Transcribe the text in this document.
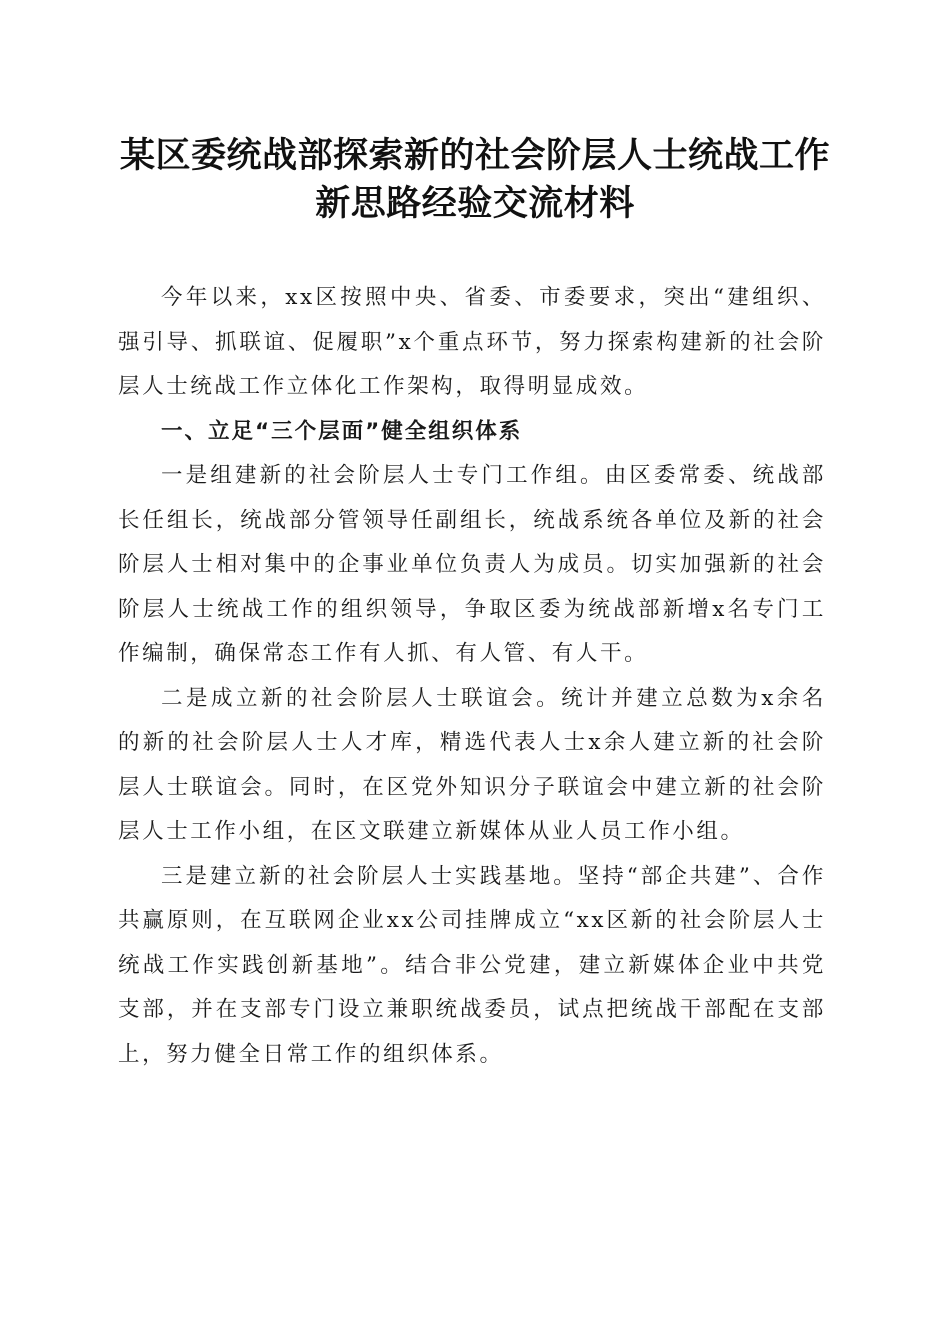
某区委统战部探索新的社会阶层人士统战工作
新思路经验交流材料

今年以来，xx区按照中央、省委、市委要求，突出“建组织、强引导、抓联谊、促履职”x个重点环节，努力探索构建新的社会阶层人士统战工作立体化工作架构，取得明显成效。

一、立足“三个层面”健全组织体系

一是组建新的社会阶层人士专门工作组。由区委常委、统战部长任组长，统战部分管领导任副组长，统战系统各单位及新的社会阶层人士相对集中的企事业单位负责人为成员。切实加强新的社会阶层人士统战工作的组织领导，争取区委为统战部新增x名专门工作编制，确保常态工作有人抓、有人管、有人干。

二是成立新的社会阶层人士联谊会。统计并建立总数为x余名的新的社会阶层人士人才库，精选代表人士x余人建立新的社会阶层人士联谊会。同时，在区党外知识分子联谊会中建立新的社会阶层人士工作小组，在区文联建立新媒体从业人员工作小组。

三是建立新的社会阶层人士实践基地。坚持“部企共建”、合作共赢原则，在互联网企业xx公司挂牌成立“xx区新的社会阶层人士统战工作实践创新基地”。结合非公党建，建立新媒体企业中共党支部，并在支部专门设立兼职统战委员，试点把统战干部配在支部上，努力健全日常工作的组织体系。
